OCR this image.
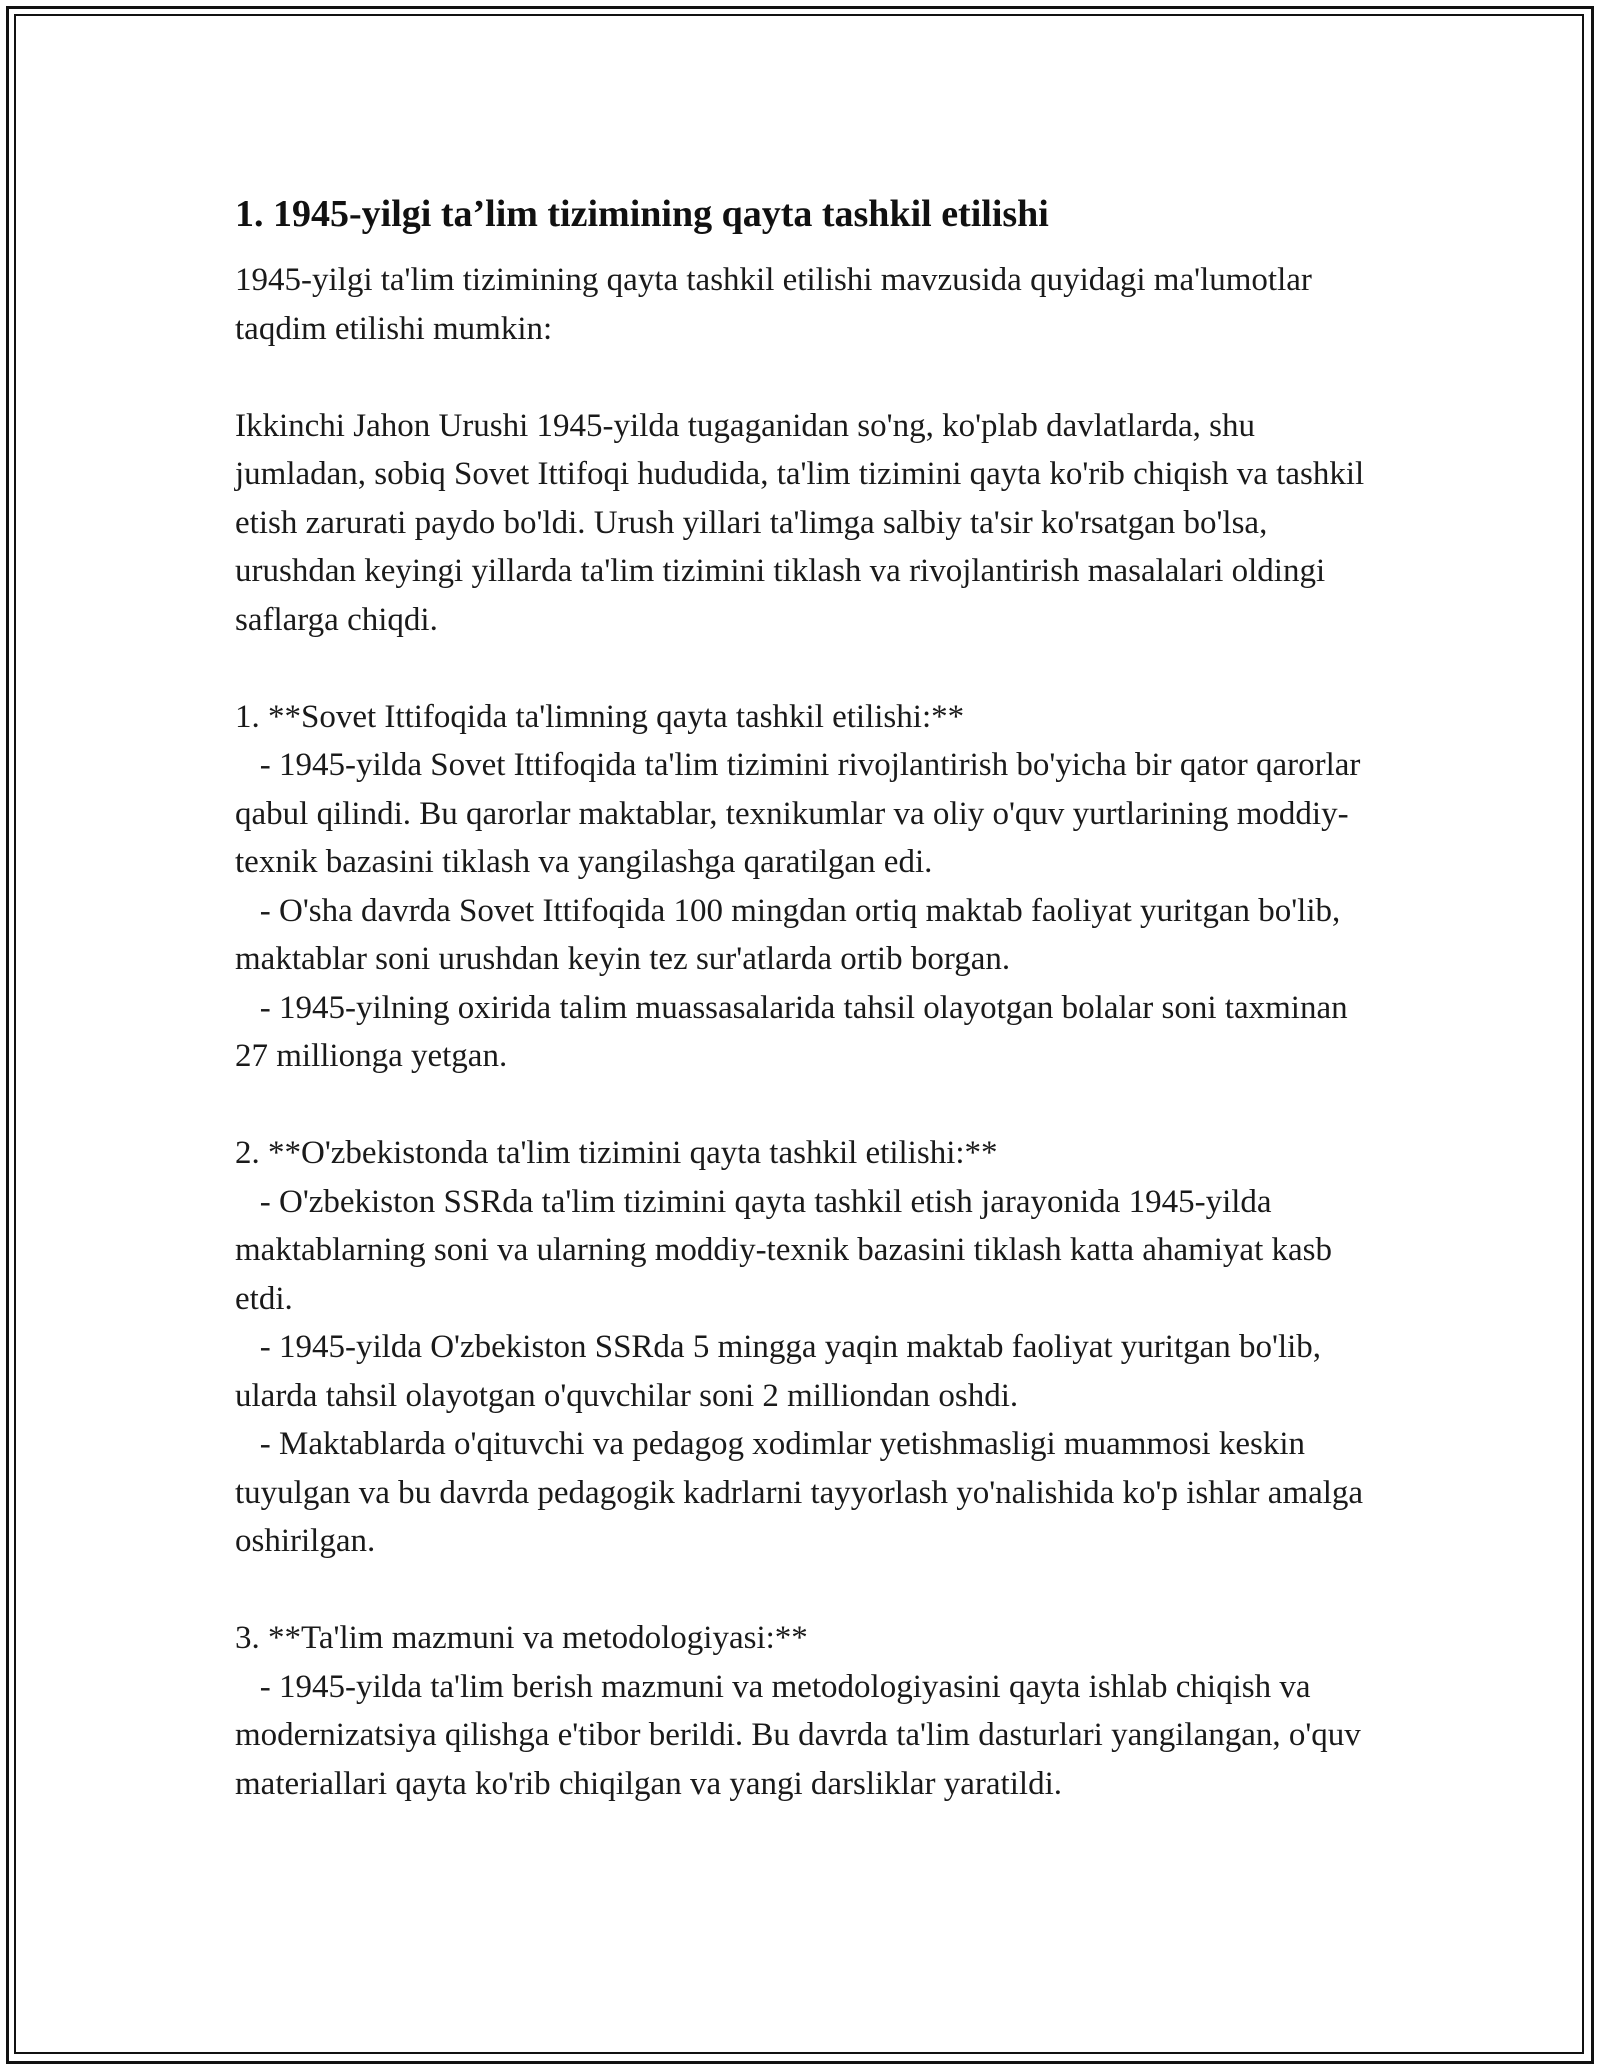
1. 1945-yilgi ta’lim tizimining qayta tashkil etilishi

1945-yilgi ta'lim tizimining qayta tashkil etilishi mavzusida quyidagi ma'lumotlar taqdim etilishi mumkin:

Ikkinchi Jahon Urushi 1945-yilda tugaganidan so'ng, ko'plab davlatlarda, shu jumladan, sobiq Sovet Ittifoqi hududida, ta'lim tizimini qayta ko'rib chiqish va tashkil etish zarurati paydo bo'ldi. Urush yillari ta'limga salbiy ta'sir ko'rsatgan bo'lsa, urushdan keyingi yillarda ta'lim tizimini tiklash va rivojlantirish masalalari oldingi saflarga chiqdi.

1. **Sovet Ittifoqida ta'limning qayta tashkil etilishi:**

- 1945-yilda Sovet Ittifoqida ta'lim tizimini rivojlantirish bo'yicha bir qator qarorlar qabul qilindi. Bu qarorlar maktablar, texnikumlar va oliy o'quv yurtlarining moddiy-texnik bazasini tiklash va yangilashga qaratilgan edi.

- O'sha davrda Sovet Ittifoqida 100 mingdan ortiq maktab faoliyat yuritgan bo'lib, maktablar soni urushdan keyin tez sur'atlarda ortib borgan.

- 1945-yilning oxirida talim muassasalarida tahsil olayotgan bolalar soni taxminan 27 millionga yetgan.

2. **O'zbekistonda ta'lim tizimini qayta tashkil etilishi:**

- O'zbekiston SSRda ta'lim tizimini qayta tashkil etish jarayonida 1945-yilda maktablarning soni va ularning moddiy-texnik bazasini tiklash katta ahamiyat kasb etdi.

- 1945-yilda O'zbekiston SSRda 5 mingga yaqin maktab faoliyat yuritgan bo'lib, ularda tahsil olayotgan o'quvchilar soni 2 milliondan oshdi.

- Maktablarda o'qituvchi va pedagog xodimlar yetishmasligi muammosi keskin tuyulgan va bu davrda pedagogik kadrlarni tayyorlash yo'nalishida ko'p ishlar amalga oshirilgan.

3. **Ta'lim mazmuni va metodologiyasi:**

- 1945-yilda ta'lim berish mazmuni va metodologiyasini qayta ishlab chiqish va modernizatsiya qilishga e'tibor berildi. Bu davrda ta'lim dasturlari yangilangan, o'quv materiallari qayta ko'rib chiqilgan va yangi darsliklar yaratildi.
